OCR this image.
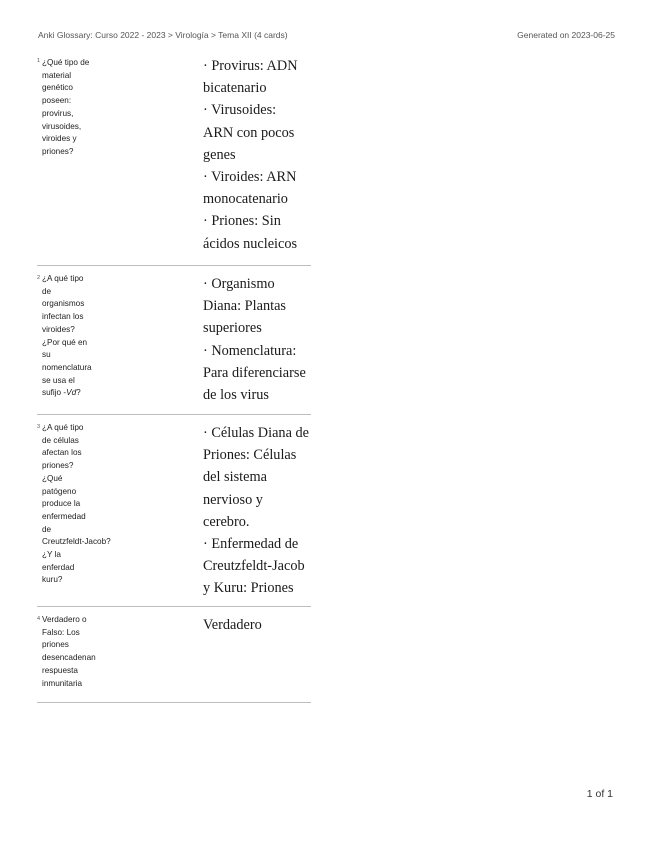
Anki Glossary: Curso 2022 - 2023 > Virología > Tema XII (4 cards)	Generated on 2023-06-25
1 ¿Qué tipo de
material
genético
poseen:
provirus,
virusoides,
viroides y
priones?
· Provirus: ADN
bicatenario
· Virusoides:
ARN con pocos
genes
· Viroides: ARN
monocatenario
· Priones: Sin
ácidos nucleicos
2 ¿A qué tipo
de
organismos
infectan los
viroides?
¿Por qué en
su
nomenclatura
se usa el
sufijo -Vd?
· Organismo
Diana: Plantas
superiores
· Nomenclatura:
Para diferenciarse
de los virus
3 ¿A qué tipo
de células
afectan los
priones?
¿Qué
patógeno
produce la
enfermedad
de
Creutzfeldt-Jacob?
¿Y la
enferdad
kuru?
· Células Diana de
Priones: Células
del sistema
nervioso y
cerebro.
· Enfermedad de
Creutzfeldt-Jacob
y Kuru: Priones
4 Verdadero o
Falso: Los
priones
desencadenan
respuesta
inmunitaria
Verdadero
1 of 1
